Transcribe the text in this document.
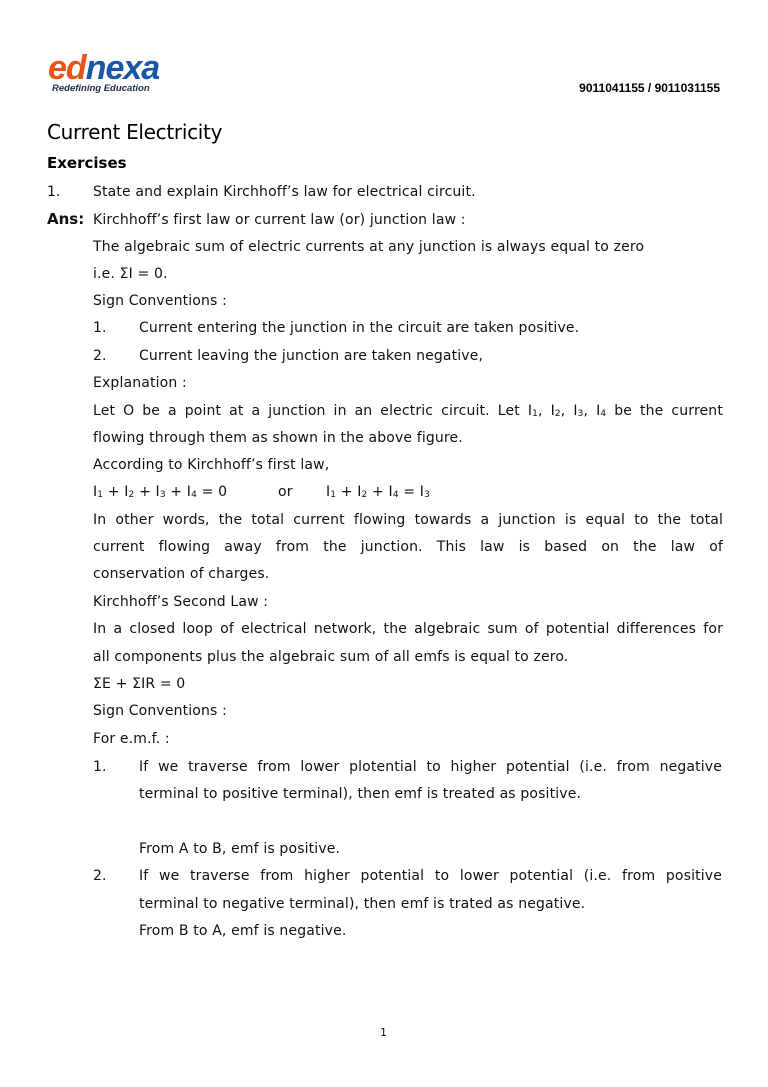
ednexa
Redefining Education	9011041155 / 9011031155
Current Electricity
Exercises
1. State and explain Kirchhoff’s law for electrical circuit.
Ans: Kirchhoff’s first law or current law (or) junction law :
The algebraic sum of electric currents at any junction is always equal to zero
i.e. ΣI = 0.
Sign Conventions :
1. Current entering the junction in the circuit are taken positive.
2. Current leaving the junction are taken negative,
Explanation :
Let O be a point at a junction in an electric circuit. Let I1, I2, I3, I4 be the current
flowing through them as shown in the above figure.
According to Kirchhoff’s first law,
I1 + I2 + I3 + I4 = 0	or I1 + I2 + I4 = I3
In other words, the total current flowing towards a junction is equal to the total
current flowing away from the junction. This law is based on the law of
conservation of charges.
Kirchhoff’s Second Law :
In a closed loop of electrical network, the algebraic sum of potential differences for
all components plus the algebraic sum of all emfs is equal to zero.
ΣE + ΣIR = 0
Sign Conventions :
For e.m.f. :
1. If we traverse from lower plotential to higher potential (i.e. from negative
terminal to positive terminal), then emf is treated as positive.
From A to B, emf is positive.
2. If we traverse from higher potential to lower potential (i.e. from positive
terminal to negative terminal), then emf is trated as negative.
From B to A, emf is negative.
1
